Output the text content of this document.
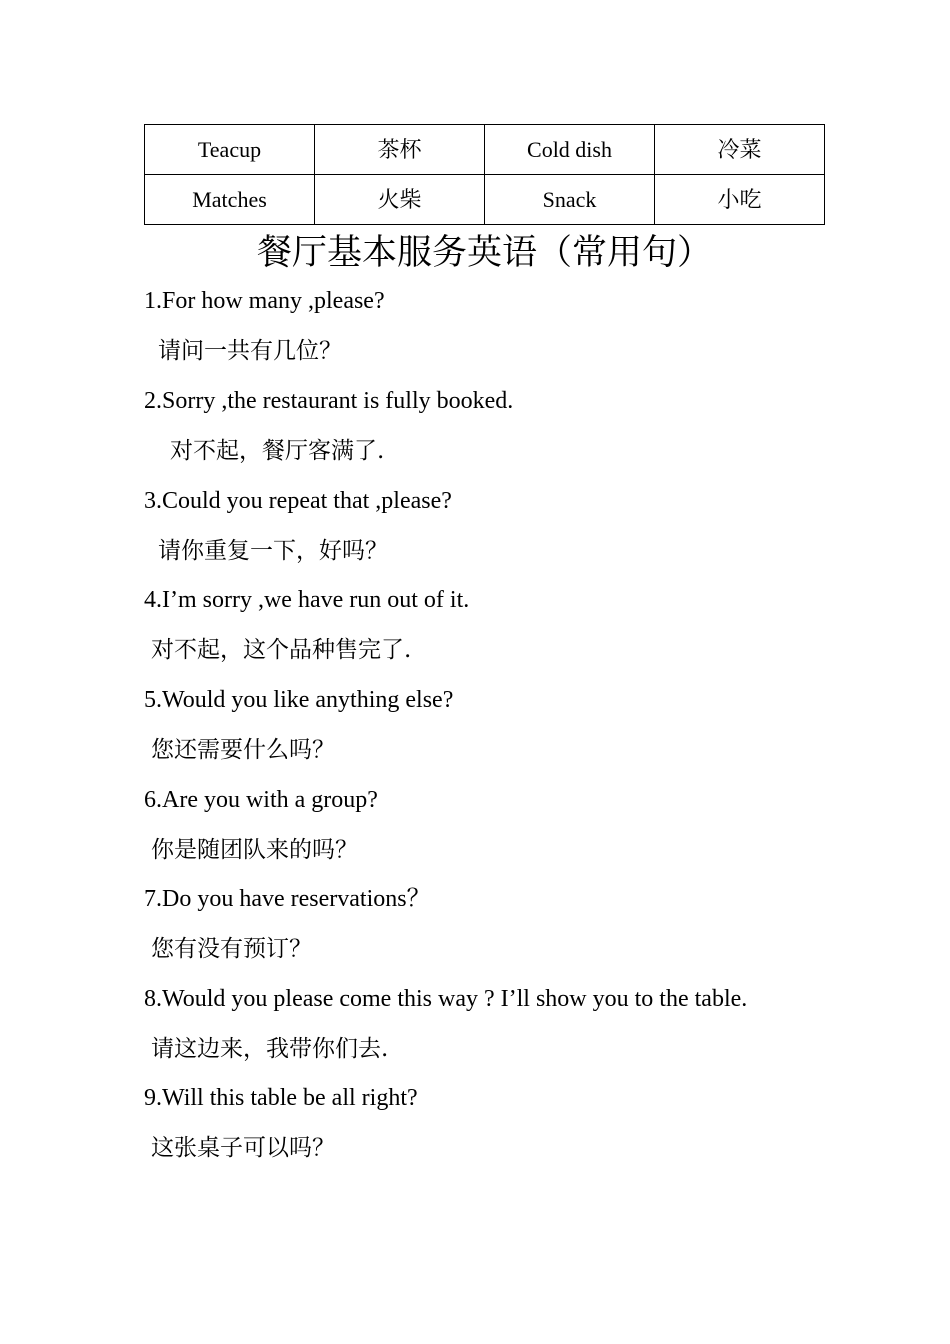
Teacup	茶杯	Cold dish	冷菜
Matches	火柴	Snack	小吃
餐厅基本服务英语（常用句）

1.For how many ,please?

请问一共有几位？

2.Sorry ,the restaurant is fully booked.

对不起，餐厅客满了.

3.Could you repeat that ,please?

请你重复一下，好吗？

4.I’m sorry ,we have run out of it.

对不起，这个品种售完了.

5.Would you like anything else?

您还需要什么吗？

6.Are you with a group?

你是随团队来的吗？

7.Do you have reservations？

您有没有预订？

8.Would you please come this way ? I’ll show you to the table.

请这边来，我带你们去.

9.Will this table be all right?

这张桌子可以吗？
